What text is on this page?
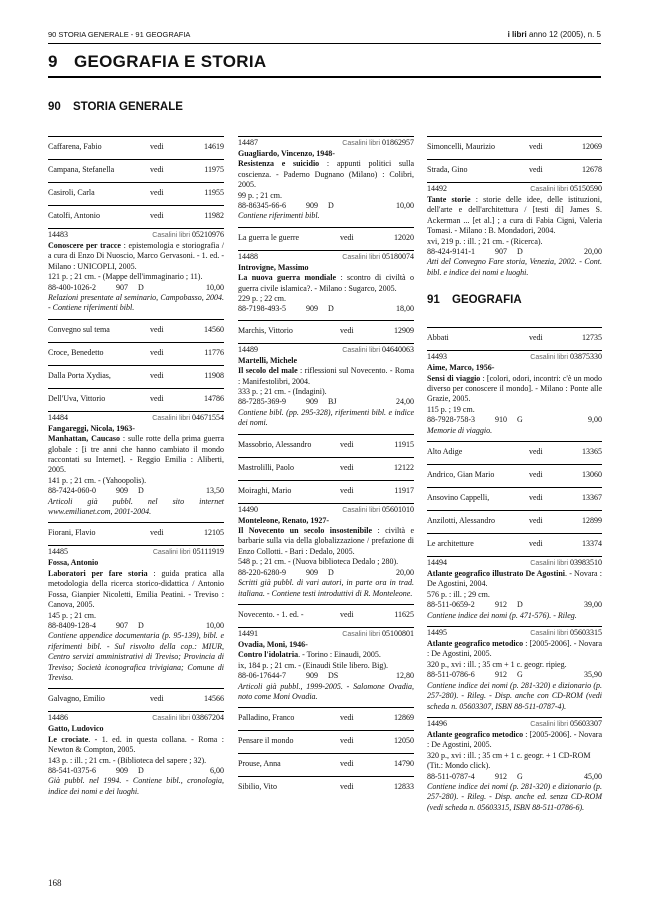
90 STORIA GENERALE - 91 GEOGRAFIA	i libri anno 12 (2005), n. 5
9 GEOGRAFIA E STORIA
90 STORIA GENERALE
Caffarena, Fabio	vedi	14619
Campana, Stefanella	vedi	11975
Casiroli, Carla	vedi	11955
Catolfi, Antonio	vedi	11982
14483	Casalini libri 05210976
Conoscere per tracce : epistemologia e storiografia / a cura di Enzo Di Nuoscio, Marco Gervasoni. - 1. ed. - Milano : UNICOPLI, 2005.
121 p. ; 21 cm. - (Mappe dell'immaginario ; 11).
88-400-1026-2	907 D	10,00
Relazioni presentate al seminario, Campobasso, 2004. - Contiene riferimenti bibl.
Convegno sul tema	vedi	14560
Croce, Benedetto	vedi	11776
Dalla Porta Xydias,	vedi	11908
Dell'Uva, Vittorio	vedi	14786
14484	Casalini libri 04671554
Fangareggi, Nicola, 1963-
Manhattan, Caucaso : sulle rotte della prima guerra globale : [i tre anni che hanno cambiato il mondo raccontati su Internet]. - Reggio Emilia : Aliberti, 2005.
141 p. ; 21 cm. - (Yahoopolis).
88-7424-060-0	909 D	13,50
Articoli già pubbl. nel sito internet www.emilianet.com, 2001-2004.
Fiorani, Flavio	vedi	12105
14485	Casalini libri 05111919
Fossa, Antonio
Laboratori per fare storia : guida pratica alla metodologia della ricerca storico-didattica / Antonio Fossa, Gianpier Nicoletti, Emilia Peatini. - Treviso : Canova, 2005.
145 p. ; 21 cm.
88-8409-128-4	907 D	10,00
Contiene appendice documentaria (p. 95-139), bibl. e riferimenti bibl. - Sul risvolto della cop.: MIUR, Centro servizi amministrativi di Treviso; Provincia di Treviso; Società iconografica trivigiana; Comune di Treviso.
Galvagno, Emilio	vedi	14566
14486	Casalini libri 03867204
Gatto, Ludovico
Le crociate. - 1. ed. in questa collana. - Roma : Newton & Compton, 2005.
143 p. : ill. ; 21 cm. - (Biblioteca del sapere ; 32).
88-541-0375-6	909 D	6,00
Già pubbl. nel 1994. - Contiene bibl., cronologia, indice dei nomi e dei luoghi.
14487	Casalini libri 01862957
Guagliardo, Vincenzo, 1948-
Resistenza e suicidio : appunti politici sulla coscienza. - Paderno Dugnano (Milano) : Colibri, 2005.
99 p. ; 21 cm.
88-86345-66-6	909 D	10,00
Contiene riferimenti bibl.
La guerra le guerre	vedi	12020
14488	Casalini libri 05180074
Introvigne, Massimo
La nuova guerra mondiale : scontro di civiltà o guerra civile islamica?. - Milano : Sugarco, 2005.
229 p. ; 22 cm.
88-7198-493-5	909 D	18,00
Marchis, Vittorio	vedi	12909
14489	Casalini libri 04640063
Martelli, Michele
Il secolo del male : riflessioni sul Novecento. - Roma : Manifestolibri, 2004.
333 p. ; 21 cm. - (Indagini).
88-7285-369-9	909 BJ	24,00
Contiene bibl. (pp. 295-328), riferimenti bibl. e indice dei nomi.
Massobrio, Alessandro	vedi	11915
Mastrolilli, Paolo	vedi	12122
Moiraghi, Mario	vedi	11917
14490	Casalini libri 05601010
Monteleone, Renato, 1927-
Il Novecento un secolo insostenibile : civiltà e barbarie sulla via della globalizzazione / prefazione di Enzo Collotti. - Bari : Dedalo, 2005.
548 p. ; 21 cm. - (Nuova biblioteca Dedalo ; 280).
88-220-6280-9	909 D	20,00
Scritti già pubbl. di vari autori, in parte ora in trad. italiana. - Contiene testi introduttivi di R. Monteleone.
Novecento. - 1. ed. -	vedi	11625
14491	Casalini libri 05100801
Ovadia, Moni, 1946-
Contro l'idolatria. - Torino : Einaudi, 2005.
ix, 184 p. ; 21 cm. - (Einaudi Stile libero. Big).
88-06-17644-7	909 DS	12,80
Articoli già pubbl., 1999-2005. - Salomone Ovadia, noto come Moni Ovadia.
Palladino, Franco	vedi	12869
Pensare il mondo	vedi	12050
Prouse, Anna	vedi	14790
Sibilio, Vito	vedi	12833
Simoncelli, Maurizio	vedi	12069
Strada, Gino	vedi	12678
14492	Casalini libri 05150590
Tante storie : storie delle idee, delle istituzioni, dell'arte e dell'architettura / [testi di] James S. Ackerman ... [et al.] ; a cura di Fabia Cigni, Valeria Tomasi. - Milano : B. Mondadori, 2004.
xvi, 219 p. : ill. ; 21 cm. - (Ricerca).
88-424-9141-1	907 D	20,00
Atti del Convegno Fare storia, Venezia, 2002. - Cont. bibl. e indice dei nomi e luoghi.
91 GEOGRAFIA
Abbati	vedi	12735
14493	Casalini libri 03875330
Aime, Marco, 1956-
Sensi di viaggio : [colori, odori, incontri: c'è un modo diverso per conoscere il mondo]. - Milano : Ponte alle Grazie, 2005.
115 p. ; 19 cm.
88-7928-758-3	910 G	9,00
Memorie di viaggio.
Alto Adige	vedi	13365
Andrico, Gian Mario	vedi	13060
Ansovino Cappelli,	vedi	13367
Anzilotti, Alessandro	vedi	12899
Le architetture	vedi	13374
14494	Casalini libri 03983510
Atlante geografico illustrato De Agostini. - Novara : De Agostini, 2004.
576 p. : ill. ; 29 cm.
88-511-0659-2	912 D	39,00
Contiene indice dei nomi (p. 471-576). - Rileg.
14495	Casalini libri 05603315
Atlante geografico metodico : [2005-2006]. - Novara : De Agostini, 2005.
320 p., xvi : ill. ; 35 cm + 1 c. geogr. ripieg.
88-511-0786-6	912 G	35,90
Contiene indice dei nomi (p. 281-320) e dizionario (p. 257-280). - Rileg. - Disp. anche con CD-ROM (vedi scheda n. 05603307, ISBN 88-511-0787-4).
14496	Casalini libri 05603307
Atlante geografico metodico : [2005-2006]. - Novara : De Agostini, 2005.
320 p., xvi : ill. ; 35 cm + 1 c. geogr. + 1 CD-ROM (Tit.: Mondo click).
88-511-0787-4	912 G	45,00
Contiene indice dei nomi (p. 281-320) e dizionario (p. 257-280). - Rileg. - Disp. anche ed. senza CD-ROM (vedi scheda n. 05603315, ISBN 88-511-0786-6).
168
